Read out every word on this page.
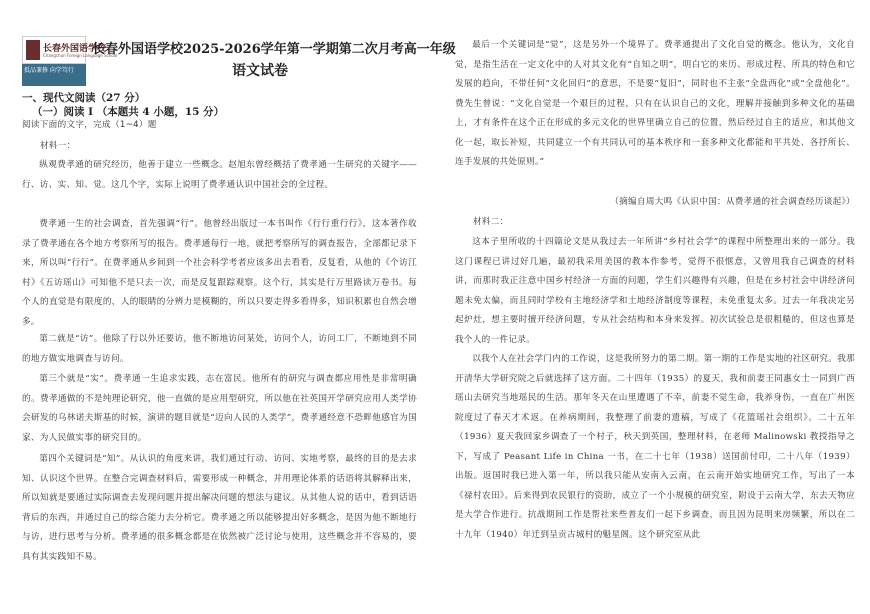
长春外国语学校
Changchun Foreign Language School
抵品兼修 向学笃行
长春外国语学校2025-2026学年第一学期第二次月考高一年级
语文试卷
一、现代文阅读（27 分）
（一）阅读 I （本题共 4 小题，15 分）
阅读下面的文字，完成（1~4）题
材料一：
纵观费孝通的研究经历，他善于建立一些概念。赵旭东曾经概括了费孝通一生研究的关键字——行、访、实、知、觉。这几个字，实际上说明了费孝通认识中国社会的全过程。
费孝通一生的社会调查，首先强调“行”。他曾经出版过一本书叫作《行行重行行》，这本著作收录了费孝通在各个地方考察所写的报告。费孝通每行一地，就把考察所写的调查报告，全部都记录下来，所以叫“行行”。在费孝通从乡间到一个社会科学考者应该多出去看看，反复看，从他的《个访江村》《五访瑶山》可知他不是只去一次，而是反复跟踪观察。这个行，其实是行万里路读万卷书。每个人的直觉是有限度的，人的眼睛的分辨力是模糊的，所以只要走得多看得多，知识积累也自然会增多。
第二就是“访”。他除了行以外还要访，他不断地访问某处，访问个人，访问工厂，不断地到不同的地方做实地调查与访问。
第三个就是“实”。费孝通一生追求实践，志在富民。他所有的研究与调查都应用性是非常明确的。费孝通做的不是纯理论研究，他一直做的是应用型研究，所以他在社英国开学研究应用人类学协会研发的乌林诺夫斯基的时候，演讲的题目就是“迈向人民的人类学”，费孝通经意不恐畔他感官为国家、为人民做实事的研究目的。
第四个关键词是“知”。从认识的角度来讲，我们通过行动、访问、实地考察，最终的目的是去求知、认识这个世界。在整合完调查材料后，需要形成一种概念，并用理论体系的话语将其解释出来，所以知就是要通过实际调查去发现问题并提出解决问题的想法与建议。从其他人说的话中，看到话语背后的东西，并通过自己的综合能力去分析它。费孝通之所以能够提出好多概念，是因为他不断地行与访，进行思考与分析。费孝通的很多概念都是在依然被广泛讨论与使用，这些概念并不容易的，要具有其实践知不易。
最后一个关键词是“觉”，这是另外一个境界了。费孝通提出了文化自觉的概念。他认为，文化自觉，是指生活在一定文化中的人对其文化有“自知之明”，明白它的来历、形成过程、所具的特色和它发展的趋向，不带任何“文化回归”的意思，不是要“复旧”，同时也不主张“全盘西化”或“全盘他化”。费先生曾说：“文化自觉是一个艰巨的过程，只有在认识自己的文化，理解并接触到多种文化的基础上，才有条件在这个正在形成的多元文化的世界里确立自己的位置，然后经过自主的适应，和其他文化一起，取长补短，共同建立一个有共同认可的基本秩序和一套多种文化都能和平共处、各抒所长、连手发展的共处原则。”
（摘编自周大鸣《认识中国：从费孝通的社会调查经历谈起》）
材料二：
这本子里所收的十四篇论文是从我过去一年所讲“乡村社会学”的课程中所整理出来的一部分。我这门课程已讲过好几遍，最初我采用美国的教本作参考，觉得不很惬意，又曾用我自己调查的材料讲，而那时我正注意中国乡村经济一方面的问题，学生们兴趣得有兴趣，但是在乡村社会中讲经济问题未免太偏，而且同时学校有主地经济学和土地经济制度等课程，未免重复太多。过去一年我决定另起炉灶，想主要时擅开经济问题，专从社会结构和本身来发挥。初次试验总是很粗糙的，但这也算是我个人的一件记录。
以我个人在社会学门内的工作说，这是我所努力的第二期。第一期的工作是实地的社区研究。我那开清华大学研究院之后就选择了这方面。二十四年（1935）的夏天，我和前妻王同惠女士一同到广西瑶山去研究当地瑶民的生活。那年冬天在山里遭遇了不幸，前妻不觉生命，我养身伤，一直在广州医院度过了春天才术返。在养病期间，我整理了前妻的遗稿，写成了《花篮瑶社会组织》。二十五年（1936）夏天我回家乡调查了一个村子，秋天到英国，整理材料，在老师 Malinowski 教授指导之下，写成了 Peasant Life in China 一书，在二十七年（1938）送国前付印，二十八年（1939）出版。返国时我已进入第一年，所以我只能从安南入云南，在云南开始实地研究工作，写出了一本《禄村农田》。后来得到农民银行的资助，成立了一个小规模的研究室，附设于云南大学，东去天物应是大学合作进行。抗战期间工作是帮社来些普友们一起下乡调查，而且因为昆明来房频繁，所以在二十九年（1940）年迁到呈贡古城村的魁星阁。这个研究室从此
